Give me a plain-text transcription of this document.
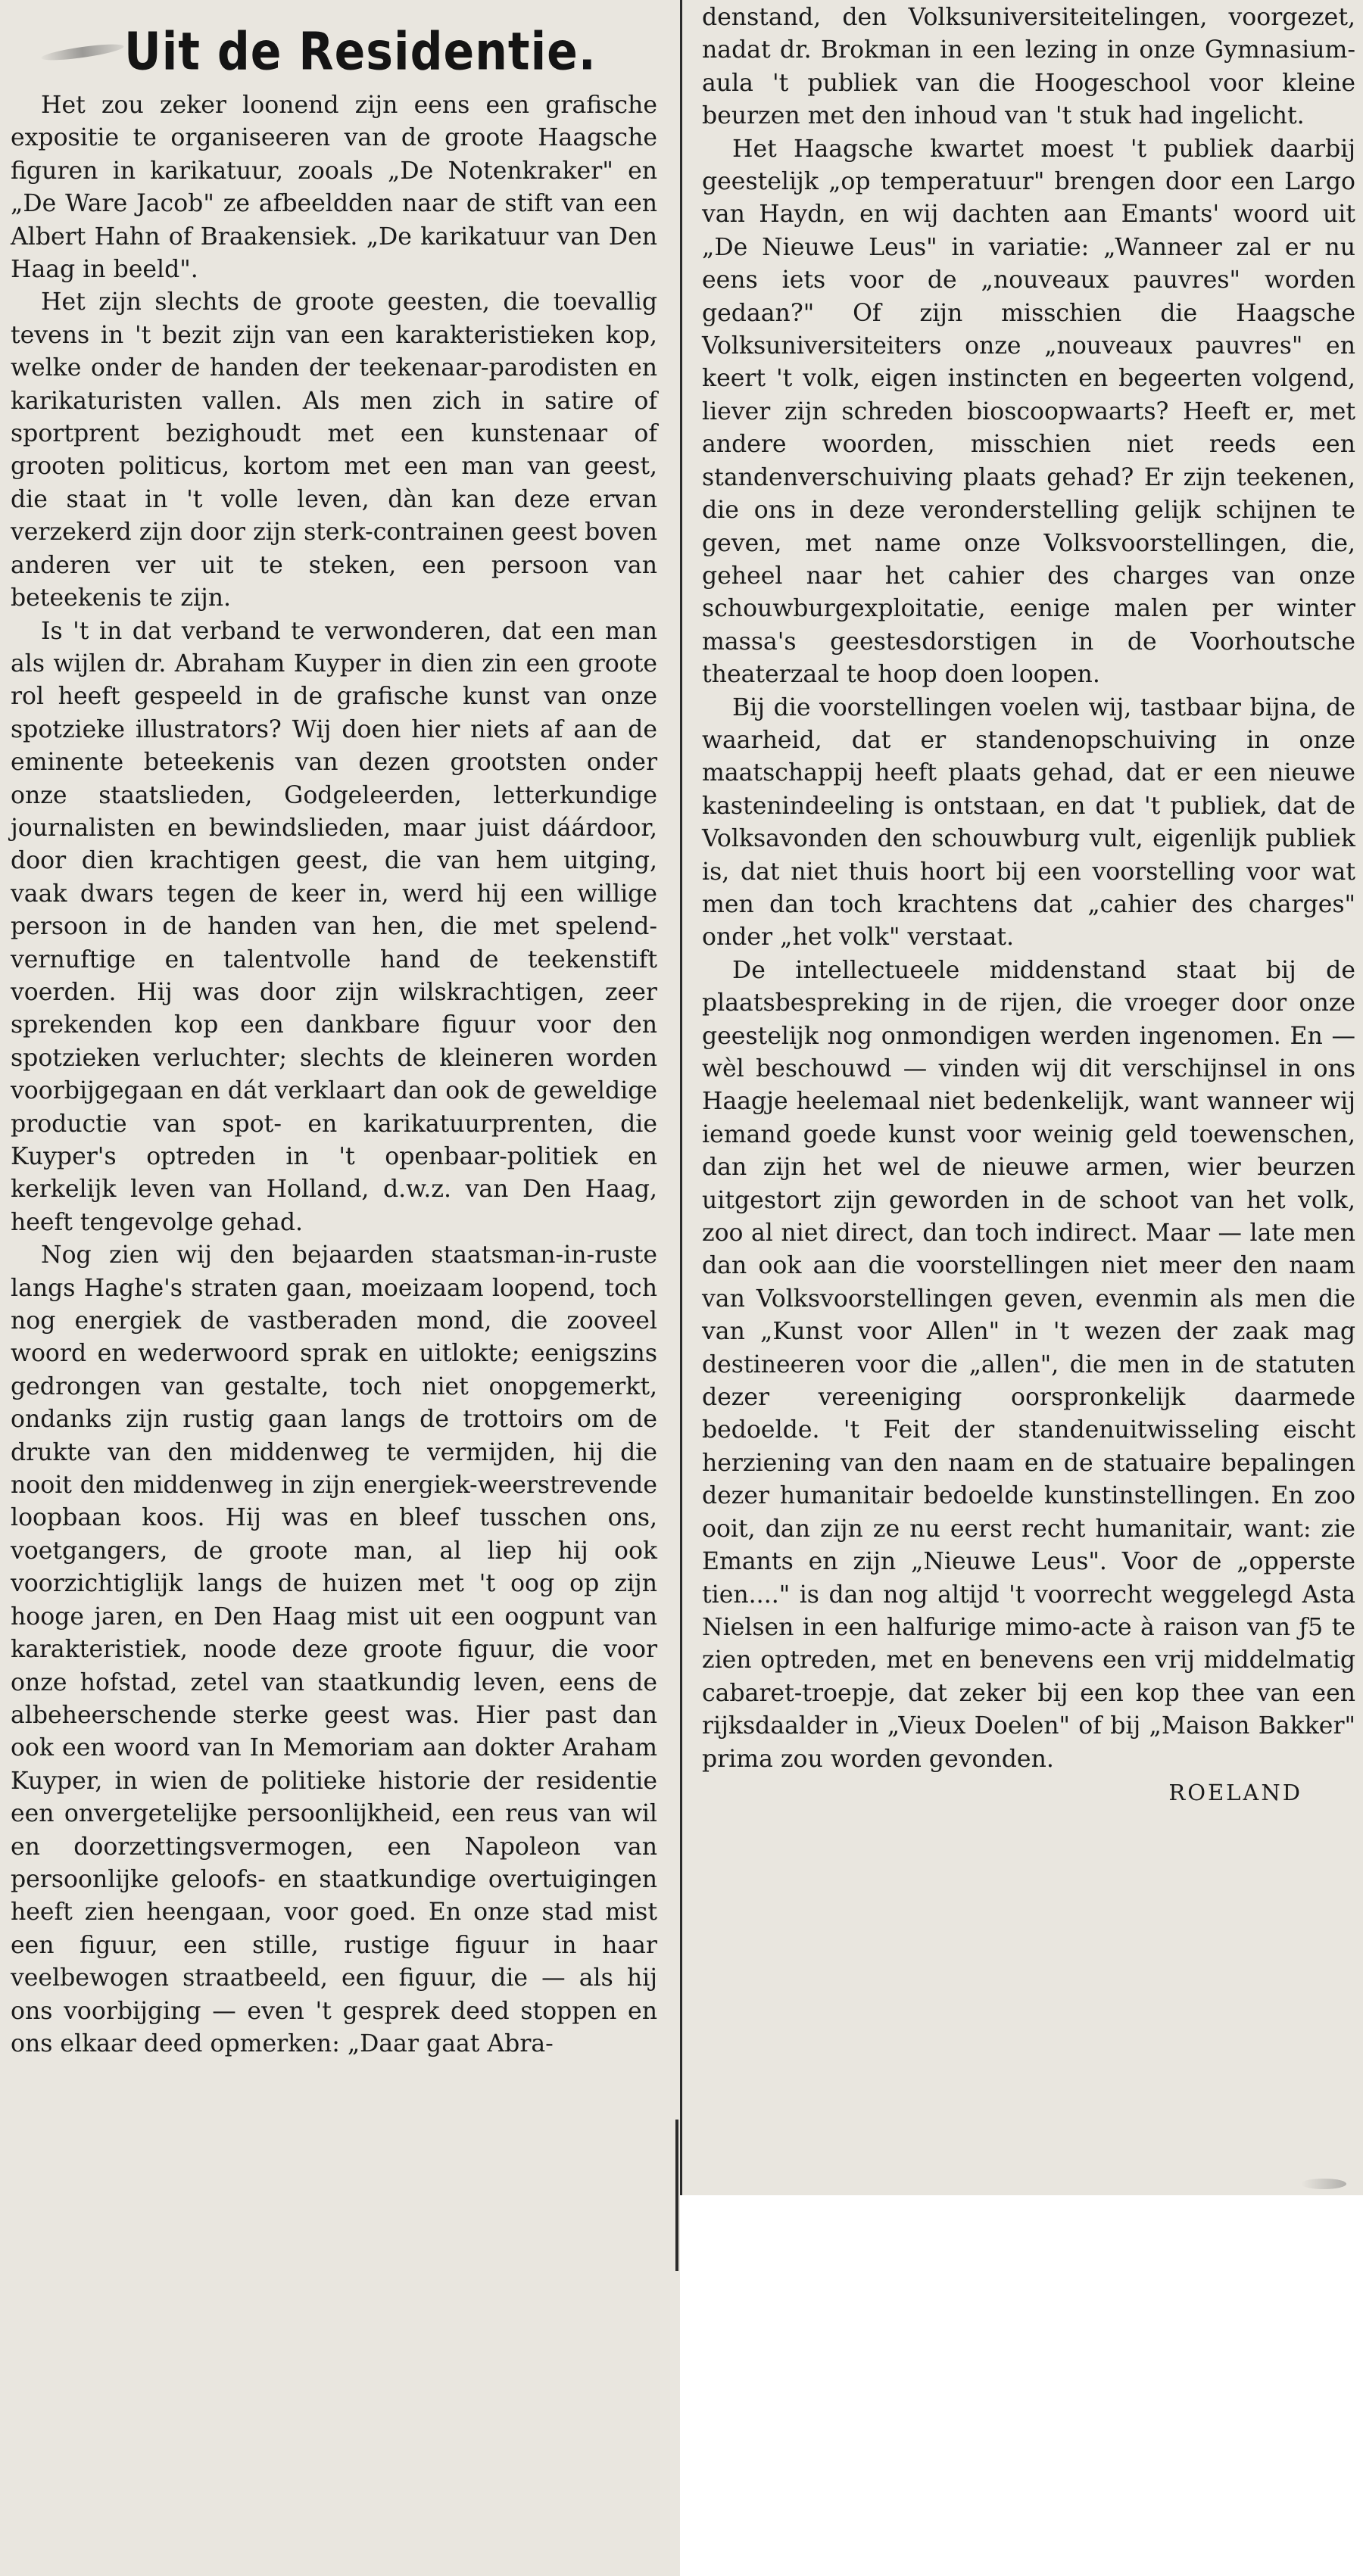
Uit de Residentie.

Het zou zeker loonend zijn eens een grafische expositie te organiseeren van de groote Haagsche figuren in karikatuur, zooals „De Notenkraker" en „De Ware Jacob" ze afbeeldden naar de stift van een Albert Hahn of Braakensiek. „De karikatuur van Den Haag in beeld".

Het zijn slechts de groote geesten, die toevallig tevens in 't bezit zijn van een karakteristieken kop, welke onder de handen der teekenaar-parodisten en karikaturisten vallen. Als men zich in satire of sportprent bezighoudt met een kunstenaar of grooten politicus, kortom met een man van geest, die staat in 't volle leven, dàn kan deze ervan verzekerd zijn door zijn sterk-contrainen geest boven anderen ver uit te steken, een persoon van beteekenis te zijn.

Is 't in dat verband te verwonderen, dat een man als wijlen dr. Abraham Kuyper in dien zin een groote rol heeft gespeeld in de grafische kunst van onze spotzieke illustrators? Wij doen hier niets af aan de eminente beteekenis van dezen grootsten onder onze staatslieden, Godgeleerden, letterkundige journalisten en bewindslieden, maar juist dáárdoor, door dien krachtigen geest, die van hem uitging, vaak dwars tegen de keer in, werd hij een willige persoon in de handen van hen, die met spelend-vernuftige en talentvolle hand de teekenstift voerden. Hij was door zijn wilskrachtigen, zeer sprekenden kop een dankbare figuur voor den spotzieken verluchter; slechts de kleineren worden voorbijgegaan en dát verklaart dan ook de geweldige productie van spot- en karikatuurprenten, die Kuyper's optreden in 't openbaar-politiek en kerkelijk leven van Holland, d.w.z. van Den Haag, heeft tengevolge gehad.

Nog zien wij den bejaarden staatsman-in-ruste langs Haghe's straten gaan, moeizaam loopend, toch nog energiek de vastberaden mond, die zooveel woord en wederwoord sprak en uitlokte; eenigszins gedrongen van gestalte, toch niet onopgemerkt, ondanks zijn rustig gaan langs de trottoirs om de drukte van den middenweg te vermijden, hij die nooit den middenweg in zijn energiek-weerstrevende loopbaan koos. Hij was en bleef tusschen ons, voetgangers, de groote man, al liep hij ook voorzichtiglijk langs de huizen met 't oog op zijn hooge jaren, en Den Haag mist uit een oogpunt van karakteristiek, noode deze groote figuur, die voor onze hofstad, zetel van staatkundig leven, eens de albeheerschende sterke geest was. Hier past dan ook een woord van In Memoriam aan dokter Araham Kuyper, in wien de politieke historie der residentie een onvergetelijke persoonlijkheid, een reus van wil en doorzettingsvermogen, een Napoleon van persoonlijke geloofs- en staatkundige overtuigingen heeft zien heengaan, voor goed. En onze stad mist een figuur, een stille, rustige figuur in haar veelbewogen straatbeeld, een figuur, die — als hij ons voorbijging — even 't gesprek deed stoppen en ons elkaar deed opmerken: „Daar gaat Abra-

denstand, den Volksuniversiteitelingen, voorgezet, nadat dr. Brokman in een lezing in onze Gymnasium-aula 't publiek van die Hoogeschool voor kleine beurzen met den inhoud van 't stuk had ingelicht.

Het Haagsche kwartet moest 't publiek daarbij geestelijk „op temperatuur" brengen door een Largo van Haydn, en wij dachten aan Emants' woord uit „De Nieuwe Leus" in variatie: „Wanneer zal er nu eens iets voor de „nouveaux pauvres" worden gedaan?" Of zijn misschien die Haagsche Volksuniversiteiters onze „nouveaux pauvres" en keert 't volk, eigen instincten en begeerten volgend, liever zijn schreden bioscoopwaarts? Heeft er, met andere woorden, misschien niet reeds een standenverschuiving plaats gehad? Er zijn teekenen, die ons in deze veronderstelling gelijk schijnen te geven, met name onze Volksvoorstellingen, die, geheel naar het cahier des charges van onze schouwburgexploitatie, eenige malen per winter massa's geestesdorstigen in de Voorhoutsche theaterzaal te hoop doen loopen.

Bij die voorstellingen voelen wij, tastbaar bijna, de waarheid, dat er standenopschuiving in onze maatschappij heeft plaats gehad, dat er een nieuwe kastenindeeling is ontstaan, en dat 't publiek, dat de Volksavonden den schouwburg vult, eigenlijk publiek is, dat niet thuis hoort bij een voorstelling voor wat men dan toch krachtens dat „cahier des charges" onder „het volk" verstaat.

De intellectueele middenstand staat bij de plaatsbespreking in de rijen, die vroeger door onze geestelijk nog onmondigen werden ingenomen. En — wèl beschouwd — vinden wij dit verschijnsel in ons Haagje heelemaal niet bedenkelijk, want wanneer wij iemand goede kunst voor weinig geld toewenschen, dan zijn het wel de nieuwe armen, wier beurzen uitgestort zijn geworden in de schoot van het volk, zoo al niet direct, dan toch indirect. Maar — late men dan ook aan die voorstellingen niet meer den naam van Volksvoorstellingen geven, evenmin als men die van „Kunst voor Allen" in 't wezen der zaak mag destineeren voor die „allen", die men in de statuten dezer vereeniging oorspronkelijk daarmede bedoelde. 't Feit der standenuitwisseling eischt herziening van den naam en de statuaire bepalingen dezer humanitair bedoelde kunstinstellingen. En zoo ooit, dan zijn ze nu eerst recht humanitair, want: zie Emants en zijn „Nieuwe Leus". Voor de „opperste tien...." is dan nog altijd 't voorrecht weggelegd Asta Nielsen in een halfurige mimo-acte à raison van ƒ5 te zien optreden, met en benevens een vrij middelmatig cabaret-troepje, dat zeker bij een kop thee van een rijksdaalder in „Vieux Doelen" of bij „Maison Bakker" prima zou worden gevonden.

ROELAND
